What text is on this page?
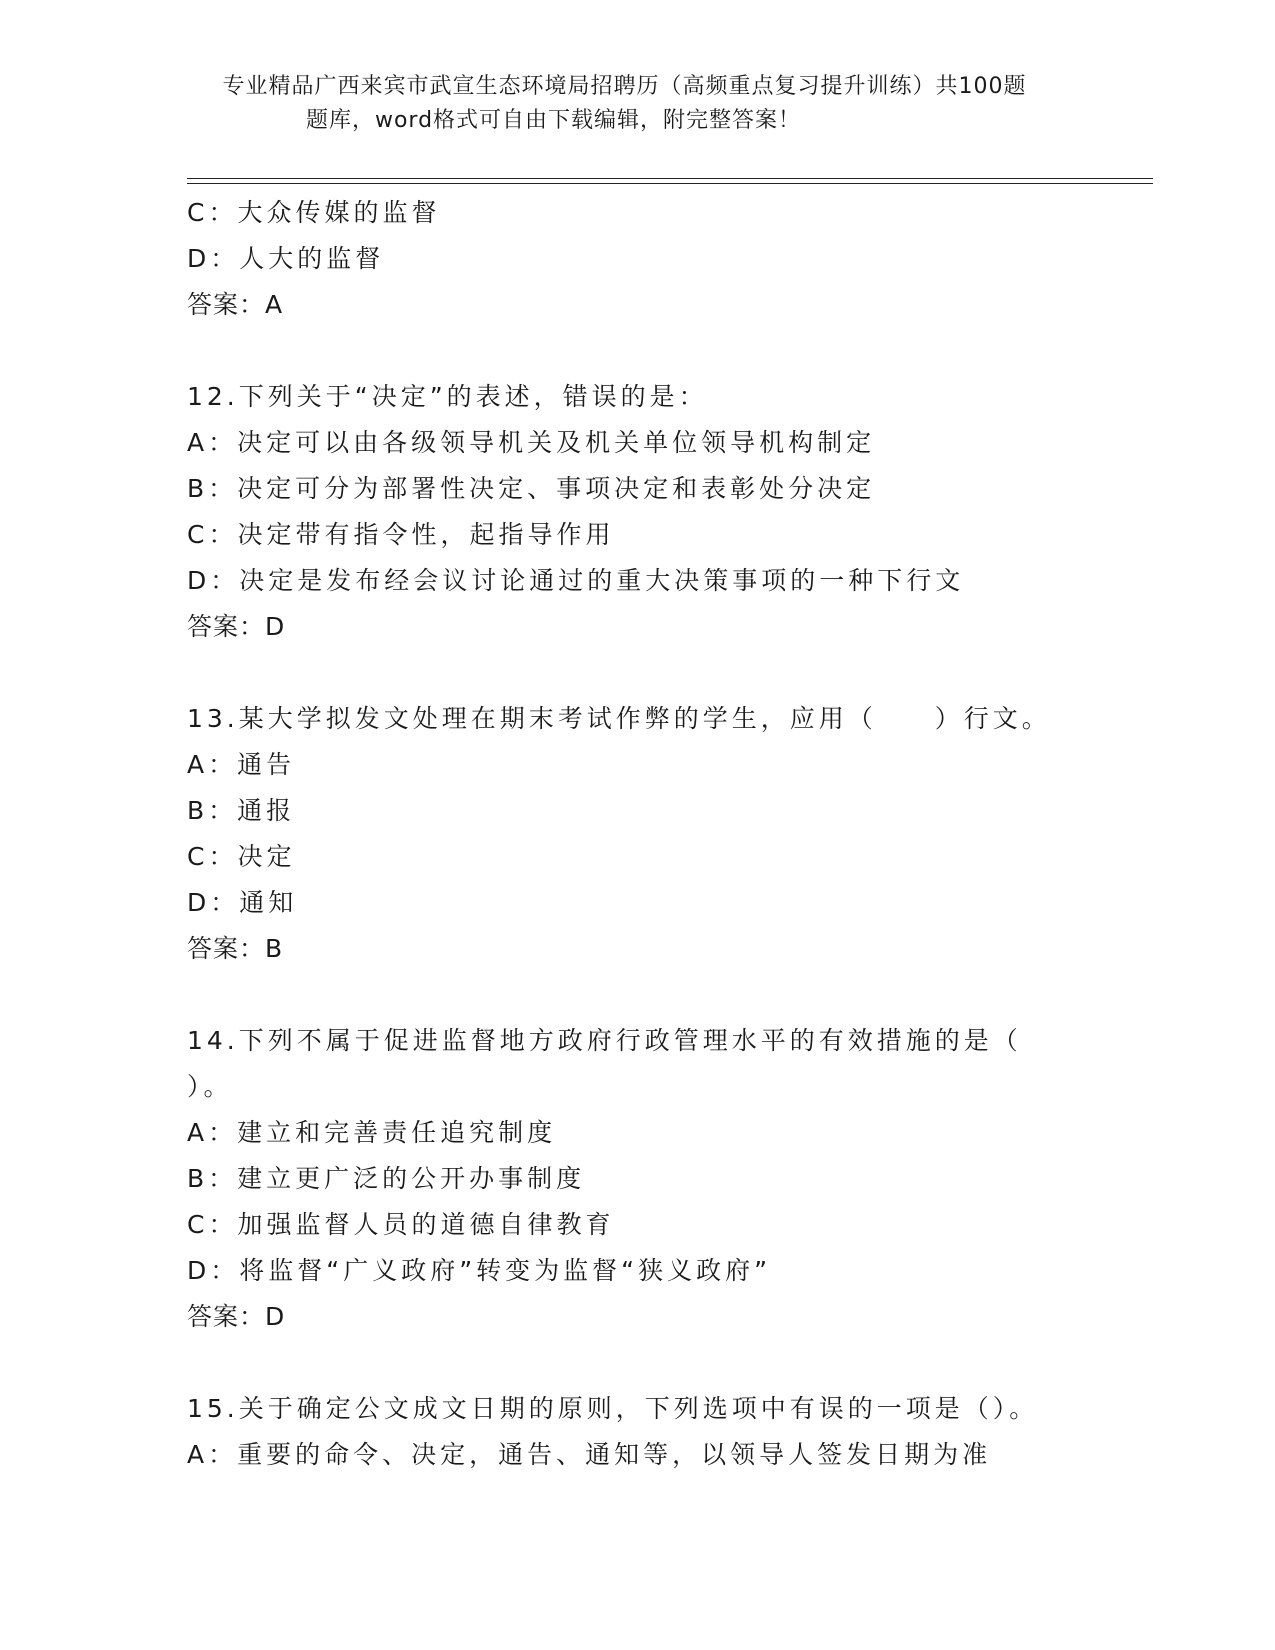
专业精品广西来宾市武宣生态环境局招聘历（高频重点复习提升训练）共100题
题库，word格式可自由下载编辑，附完整答案！
C：大众传媒的监督
D：人大的监督
答案：A
12.下列关于“决定”的表述，错误的是：
A：决定可以由各级领导机关及机关单位领导机构制定
B：决定可分为部署性决定、事项决定和表彰处分决定
C：决定带有指令性，起指导作用
D：决定是发布经会议讨论通过的重大决策事项的一种下行文
答案：D
13.某大学拟发文处理在期末考试作弊的学生，应用（　　）行文。
A：通告
B：通报
C：决定
D：通知
答案：B
14.下列不属于促进监督地方政府行政管理水平的有效措施的是（
）。
A：建立和完善责任追究制度
B：建立更广泛的公开办事制度
C：加强监督人员的道德自律教育
D：将监督“广义政府”转变为监督“狭义政府”
答案：D
15.关于确定公文成文日期的原则，下列选项中有误的一项是（）。
A：重要的命令、决定，通告、通知等，以领导人签发日期为准
